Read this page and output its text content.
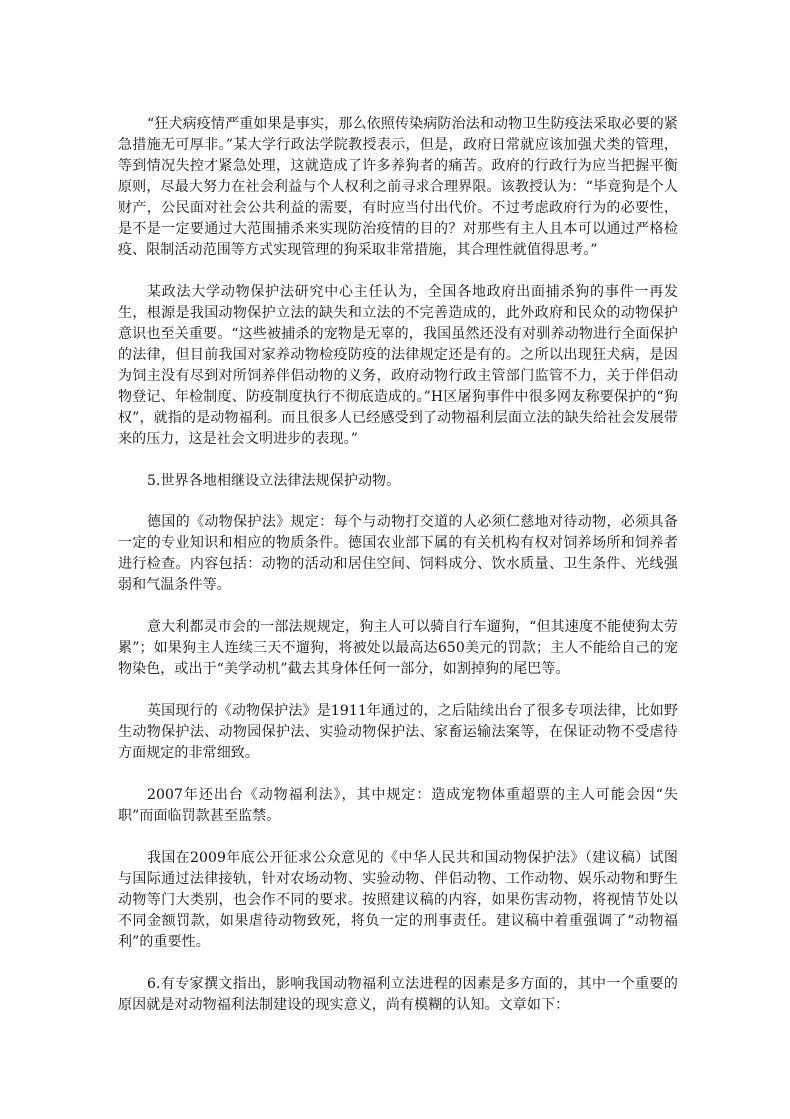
“狂犬病疫情严重如果是事实，那么依照传染病防治法和动物卫生防疫法采取必要的紧急措施无可厚非。”某大学行政法学院教授表示，但是，政府日常就应该加强犬类的管理，等到情况失控才紧急处理，这就造成了许多养狗者的痛苦。政府的行政行为应当把握平衡原则，尽最大努力在社会利益与个人权利之前寻求合理界限。该教授认为：“毕竟狗是个人财产，公民面对社会公共利益的需要，有时应当付出代价。不过考虑政府行为的必要性，是不是一定要通过大范围捕杀来实现防治疫情的目的？对那些有主人且本可以通过严格检疫、限制活动范围等方式实现管理的狗采取非常措施，其合理性就值得思考。”

某政法大学动物保护法研究中心主任认为，全国各地政府出面捕杀狗的事件一再发生，根源是我国动物保护立法的缺失和立法的不完善造成的，此外政府和民众的动物保护意识也至关重要。“这些被捕杀的宠物是无辜的，我国虽然还没有对驯养动物进行全面保护的法律，但目前我国对家养动物检疫防疫的法律规定还是有的。之所以出现狂犬病，是因为饲主没有尽到对所饲养伴侣动物的义务，政府动物行政主管部门监管不力，关于伴侣动物登记、年检制度、防疫制度执行不彻底造成的。”H区屠狗事件中很多网友称要保护的“狗权”，就指的是动物福利。而且很多人已经感受到了动物福利层面立法的缺失给社会发展带来的压力，这是社会文明进步的表现。”

5.世界各地相继设立法律法规保护动物。

德国的《动物保护法》规定：每个与动物打交道的人必须仁慈地对待动物，必须具备一定的专业知识和相应的物质条件。德国农业部下属的有关机构有权对饲养场所和饲养者进行检查。内容包括：动物的活动和居住空间、饲料成分、饮水质量、卫生条件、光线强弱和气温条件等。

意大利都灵市会的一部法规规定，狗主人可以骑自行车遛狗，“但其速度不能使狗太劳累”；如果狗主人连续三天不遛狗，将被处以最高达650美元的罚款；主人不能给自己的宠物染色，或出于“美学动机”截去其身体任何一部分，如割掉狗的尾巴等。

英国现行的《动物保护法》是1911年通过的，之后陆续出台了很多专项法律，比如野生动物保护法、动物园保护法、实验动物保护法、家畜运输法案等，在保证动物不受虐待方面规定的非常细致。

2007年还出台《动物福利法》，其中规定：造成宠物体重超票的主人可能会因“失职”而面临罚款甚至监禁。

我国在2009年底公开征求公众意见的《中华人民共和国动物保护法》（建议稿）试图与国际通过法律接轨，针对农场动物、实验动物、伴侣动物、工作动物、娱乐动物和野生动物等门大类别，也会作不同的要求。按照建议稿的内容，如果伤害动物，将视情节处以不同金额罚款，如果虐待动物致死，将负一定的刑事责任。建议稿中着重强调了“动物福利”的重要性。

6.有专家撰文指出，影响我国动物福利立法进程的因素是多方面的，其中一个重要的原因就是对动物福利法制建设的现实意义，尚有模糊的认知。文章如下：
